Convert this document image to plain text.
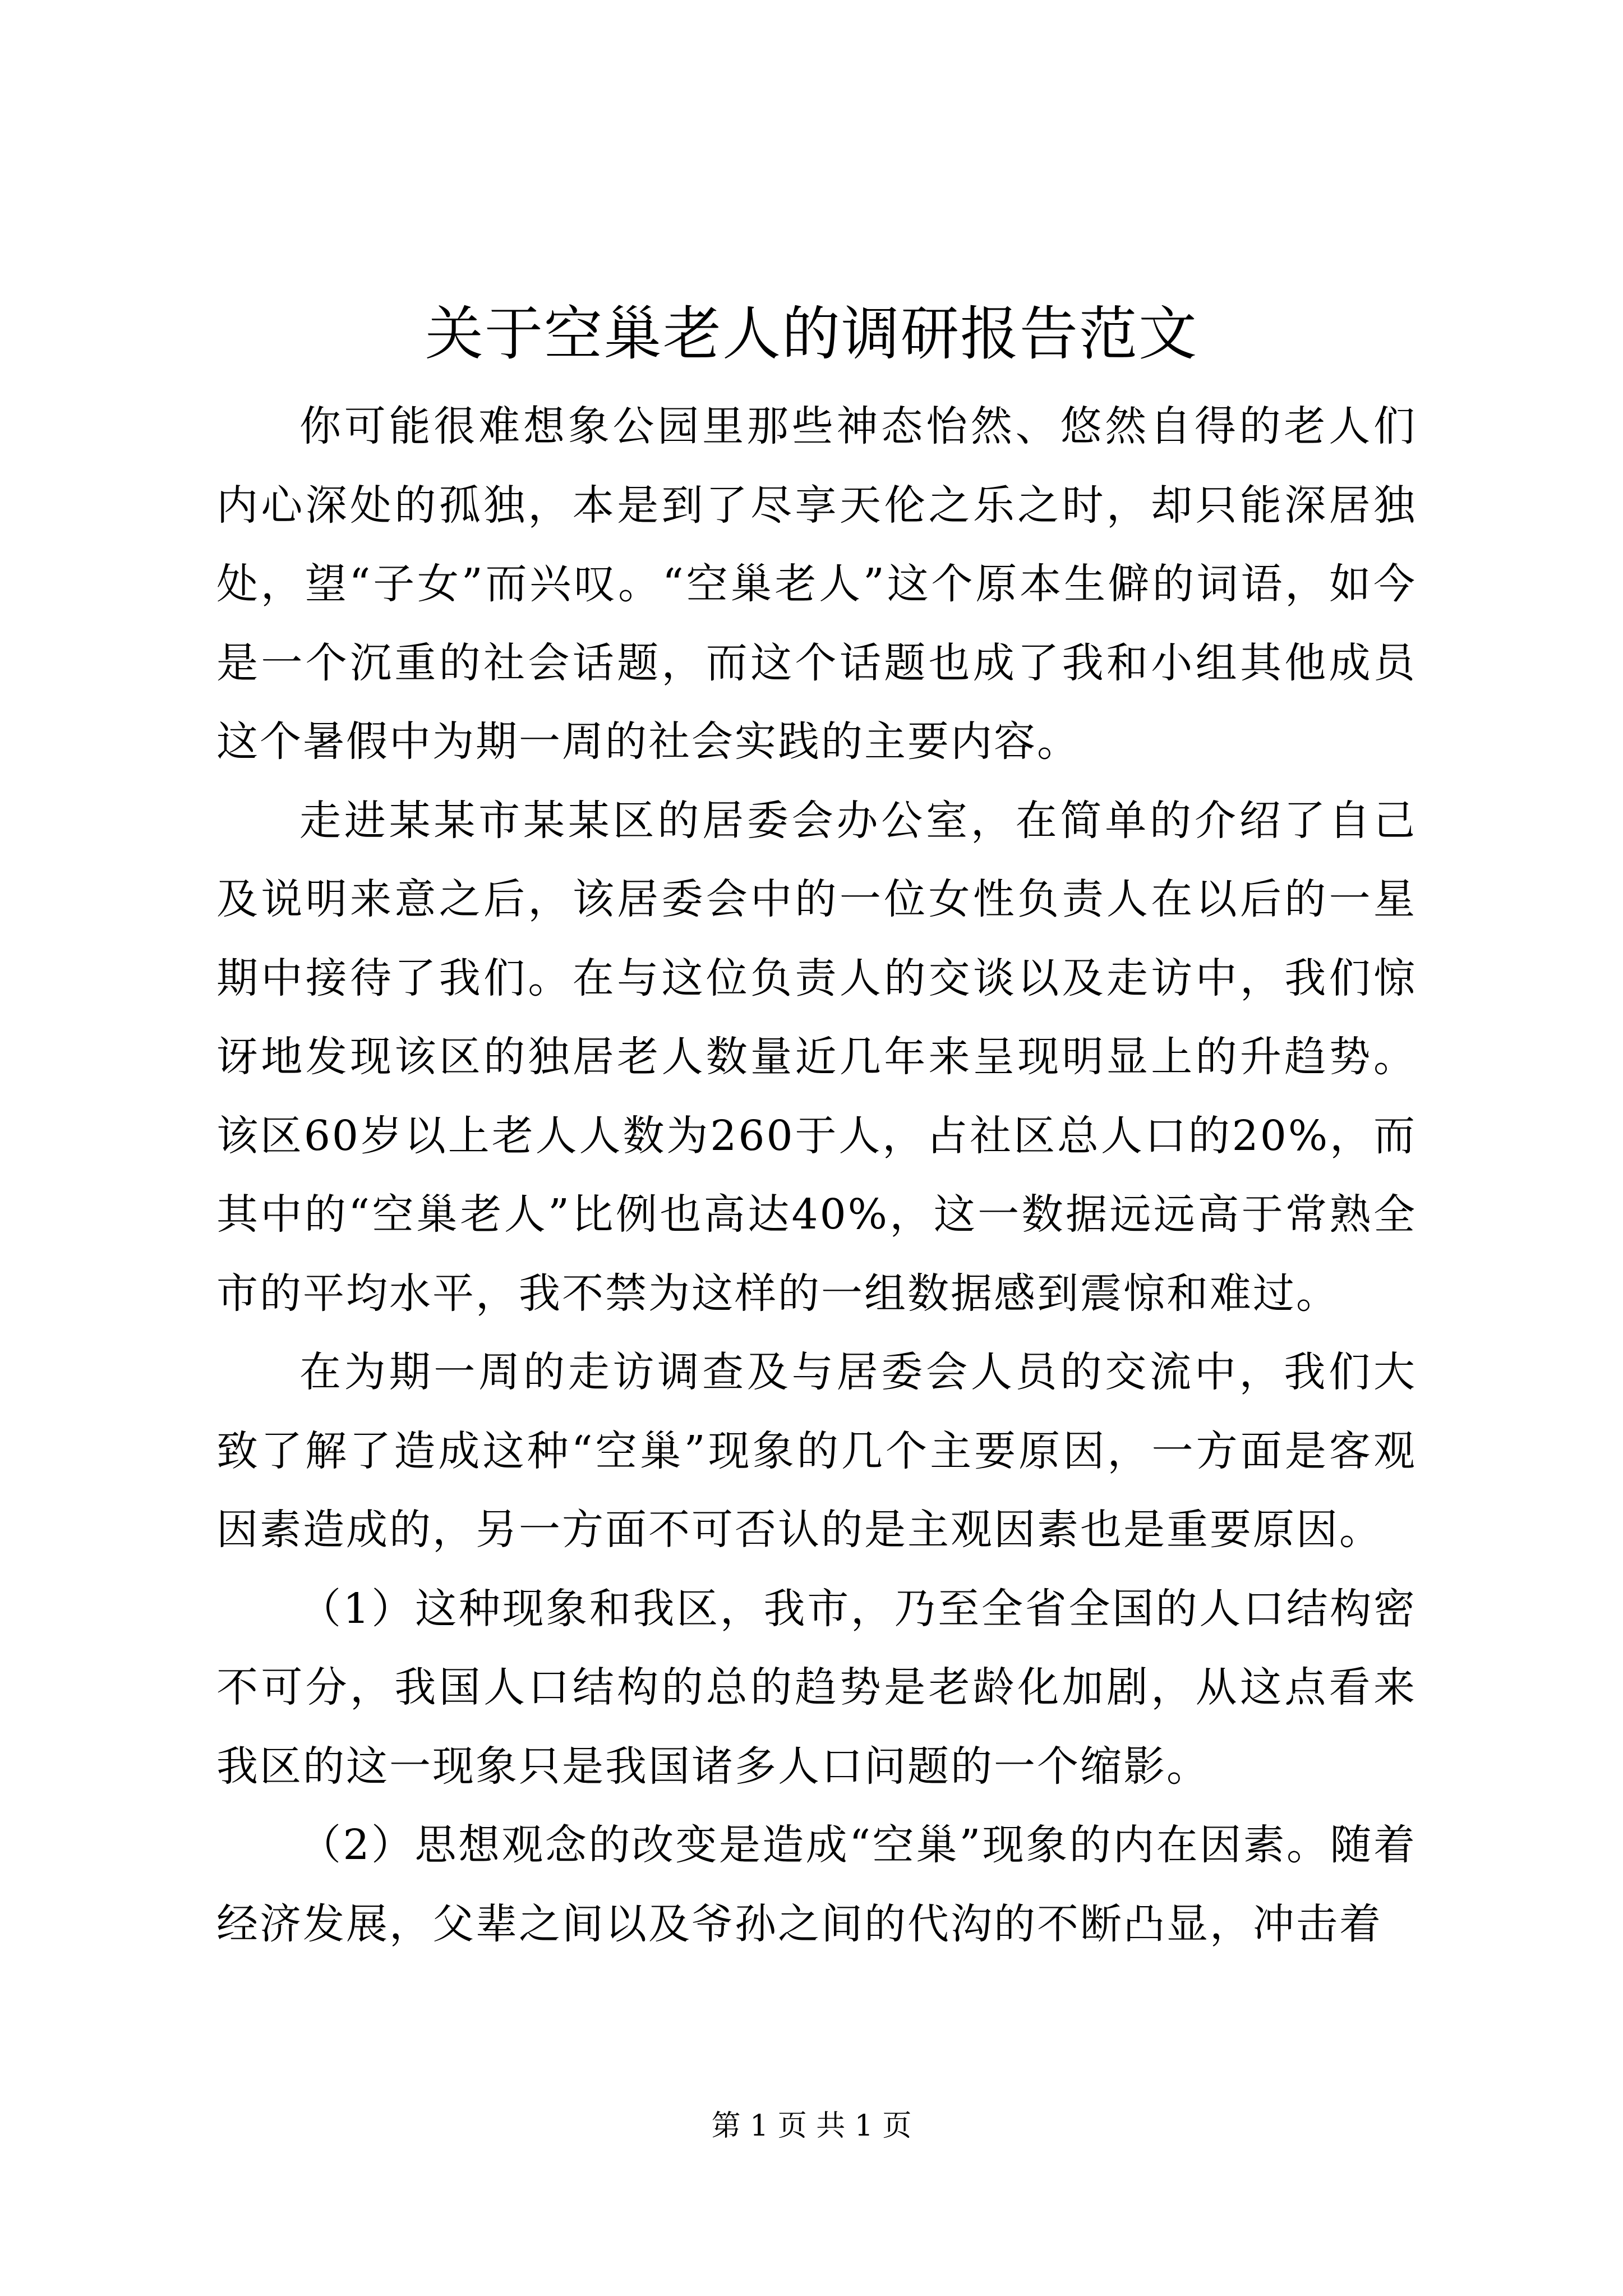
关于空巢老人的调研报告范文

你可能很难想象公园里那些神态怡然、悠然自得的老人们内心深处的孤独，本是到了尽享天伦之乐之时，却只能深居独处，望“子女”而兴叹。“空巢老人”这个原本生僻的词语，如今是一个沉重的社会话题，而这个话题也成了我和小组其他成员这个暑假中为期一周的社会实践的主要内容。

走进某某市某某区的居委会办公室，在简单的介绍了自己及说明来意之后，该居委会中的一位女性负责人在以后的一星期中接待了我们。在与这位负责人的交谈以及走访中，我们惊讶地发现该区的独居老人数量近几年来呈现明显上的升趋势。该区60岁以上老人人数为260于人，占社区总人口的20%，而其中的“空巢老人”比例也高达40%，这一数据远远高于常熟全市的平均水平，我不禁为这样的一组数据感到震惊和难过。

在为期一周的走访调查及与居委会人员的交流中，我们大致了解了造成这种“空巢”现象的几个主要原因，一方面是客观因素造成的，另一方面不可否认的是主观因素也是重要原因。

（1）这种现象和我区，我市，乃至全省全国的人口结构密不可分，我国人口结构的总的趋势是老龄化加剧，从这点看来我区的这一现象只是我国诸多人口问题的一个缩影。

（2）思想观念的改变是造成“空巢”现象的内在因素。随着经济发展，父辈之间以及爷孙之间的代沟的不断凸显，冲击着

第 1 页 共 1 页
